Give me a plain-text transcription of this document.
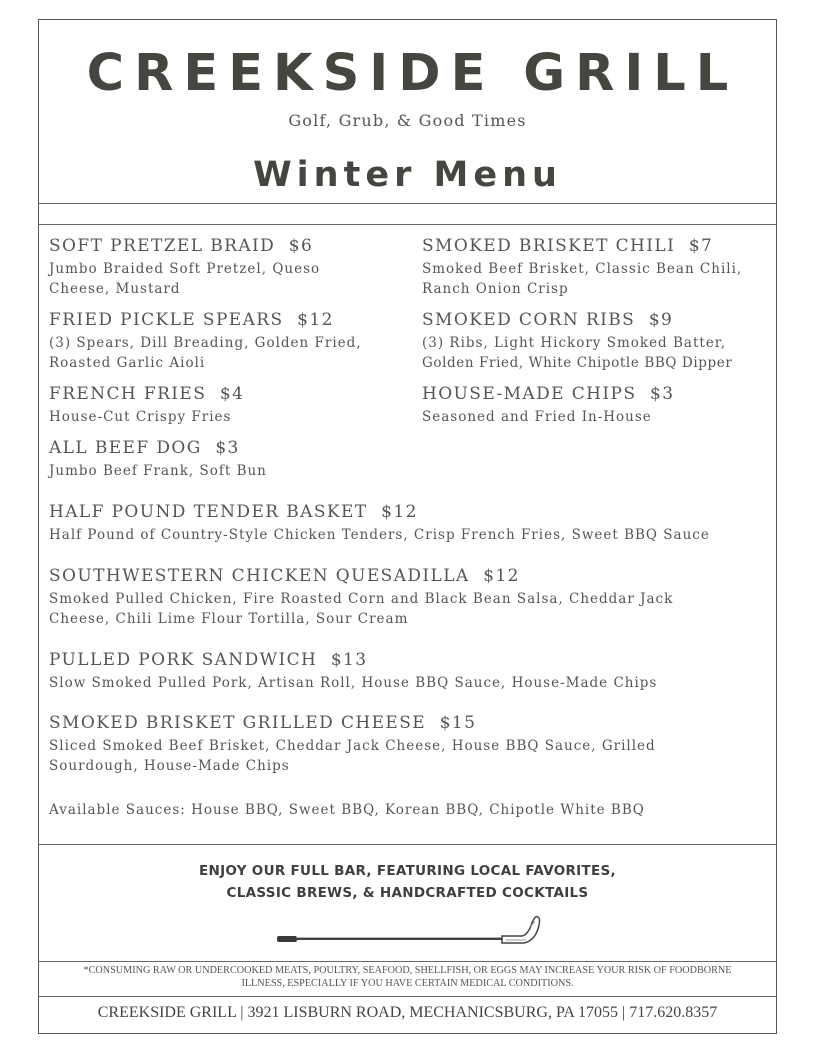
CREEKSIDE GRILL
Golf, Grub, & Good Times
Winter Menu
SOFT PRETZEL BRAID $6
Jumbo Braided Soft Pretzel, Queso
Cheese, Mustard
FRIED PICKLE SPEARS $12
(3) Spears, Dill Breading, Golden Fried,
Roasted Garlic Aioli
FRENCH FRIES $4
House-Cut Crispy Fries
ALL BEEF DOG $3
Jumbo Beef Frank, Soft Bun
SMOKED BRISKET CHILI $7
Smoked Beef Brisket, Classic Bean Chili,
Ranch Onion Crisp
SMOKED CORN RIBS $9
(3) Ribs, Light Hickory Smoked Batter,
Golden Fried, White Chipotle BBQ Dipper
HOUSE-MADE CHIPS $3
Seasoned and Fried In-House
HALF POUND TENDER BASKET $12
Half Pound of Country-Style Chicken Tenders, Crisp French Fries, Sweet BBQ Sauce
SOUTHWESTERN CHICKEN QUESADILLA $12
Smoked Pulled Chicken, Fire Roasted Corn and Black Bean Salsa, Cheddar Jack
Cheese, Chili Lime Flour Tortilla, Sour Cream
PULLED PORK SANDWICH $13
Slow Smoked Pulled Pork, Artisan Roll, House BBQ Sauce, House-Made Chips
SMOKED BRISKET GRILLED CHEESE $15
Sliced Smoked Beef Brisket, Cheddar Jack Cheese, House BBQ Sauce, Grilled
Sourdough, House-Made Chips
Available Sauces: House BBQ, Sweet BBQ, Korean BBQ, Chipotle White BBQ
ENJOY OUR FULL BAR, FEATURING LOCAL FAVORITES,
CLASSIC BREWS, & HANDCRAFTED COCKTAILS
*CONSUMING RAW OR UNDERCOOKED MEATS, POULTRY, SEAFOOD, SHELLFISH, OR EGGS MAY INCREASE YOUR RISK OF FOODBORNE
ILLNESS, ESPECIALLY IF YOU HAVE CERTAIN MEDICAL CONDITIONS.
CREEKSIDE GRILL | 3921 LISBURN ROAD, MECHANICSBURG, PA 17055 | 717.620.8357
